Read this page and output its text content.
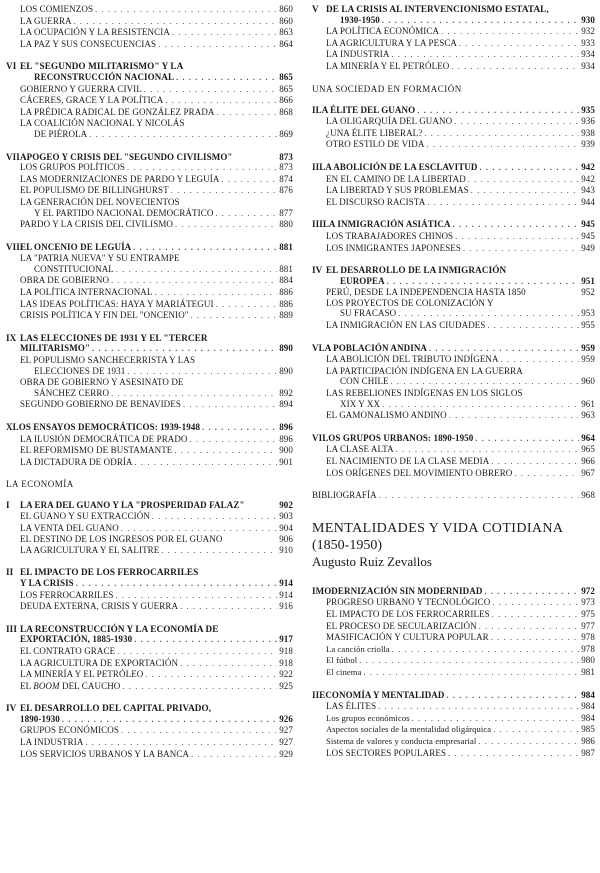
LOS COMIENZOS . . .	860
LA GUERRA . . .	860
LA OCUPACIÓN Y LA RESISTENCIA . . .	863
LA PAZ Y SUS CONSECUENCIAS . . .	864
VI EL "SEGUNDO MILITARISMO" Y LA
RECONSTRUCCIÓN NACIONAL . . .	865
GOBIERNO Y GUERRA CIVIL . . .	865
CÁCERES, GRACE Y LA POLÍTICA . . .	866
LA PRÉDICA RADICAL DE GONZÁLEZ PRADA . . .	868
LA COALICIÓN NACIONAL Y NICOLÁS
DE PIÉROLA . . .	869
VII APOGEO Y CRISIS DEL "SEGUNDO CIVILISMO"	873
LOS GRUPOS POLÍTICOS . . .	873
LAS MODERNIZACIONES DE PARDO Y LEGUÍA . . .	874
EL POPULISMO DE BILLINGHURST . . .	876
LA GENERACIÓN DEL NOVECIENTOS
Y EL PARTIDO NACIONAL DEMOCRÁTICO . . .	877
PARDO Y LA CRISIS DEL CIVILISMO . . .	880
VIII
EL ONCENIO DE LEGUÍA . . .	881
LA "PATRIA NUEVA" Y SU ENTRAMPE
CONSTITUCIONAL . . .	881
OBRA DE GOBIERNO . . .	884
LA POLÍTICA INTERNACIONAL . . .	886
LAS IDEAS POLÍTICAS: HAYA Y MARIÁTEGUI . . .	886
CRISIS POLÍTICA Y FIN DEL "ONCENIO" . . .	889
IX LAS ELECCIONES DE 1931 Y EL "TERCER
MILITARISMO" . . .	890
EL POPULISMO SANCHECERRISTA Y LAS
ELECCIONES DE 1931 . . .	890
OBRA DE GOBIERNO Y ASESINATO DE
SÁNCHEZ CERRO . . .	892
SEGUNDO GOBIERNO DE BENAVIDES . . .	894
X LOS ENSAYOS DEMOCRÁTICOS: 1939-1948 . . .	896
LA ILUSIÓN DEMOCRÁTICA DE PRADO . . .	896
EL REFORMISMO DE BUSTAMANTE . . .	900
LA DICTADURA DE ODRÍA . . .	901
LA ECONOMÍA
I	LA ERA DEL GUANO Y LA "PROSPERIDAD FALAZ"	902
EL GUANO Y SU EXTRACCIÓN . . .	903
LA VENTA DEL GUANO . . .	904
EL DESTINO DE LOS INGRESOS POR EL GUANO	906
LA AGRICULTURA Y EL SALITRE . . .	910
II EL IMPACTO DE LOS FERROCARRILES
Y LA CRISIS . . .	914
LOS FERROCARRILES . . .	914
DEUDA EXTERNA, CRISIS Y GUERRA . . .	916
III LA RECONSTRUCCIÓN Y LA ECONOMÍA DE
EXPORTACIÓN, 1885-1930 . . .	917
EL CONTRATO GRACE . . .	918
LA AGRICULTURA DE EXPORTACIÓN . . .	918
LA MINERÍA Y EL PETRÓLEO . . .	922
EL BOOM DEL CAUCHO . . .	925
IV EL DESARROLLO DEL CAPITAL PRIVADO,
1890-1930 . . .	926
GRUPOS ECONÓMICOS . . .	927
LA INDUSTRIA . . .	927
LOS SERVICIOS URBANOS Y LA BANCA . . .	929
V DE LA CRISIS AL INTERVENCIONISMO ESTATAL,
1930-1950 . . .	930
LA POLÍTICA ECONÓMICA . . .	932
LA AGRICULTURA Y LA PESCA . . .	933
LA INDUSTRIA . . .	934
LA MINERÍA Y EL PETRÓLEO . . .	934
UNA SOCIEDAD EN FORMACIÓN
I LA ÉLITE DEL GUANO . . .	935
LA OLIGARQUÍA DEL GUANO . . .	936
¿UNA ÉLITE LIBERAL? . . .	938
OTRO ESTILO DE VIDA . . .	939
II LA ABOLICIÓN DE LA ESCLAVITUD . . .	942
EN EL CAMINO DE LA LIBERTAD . . .	942
LA LIBERTAD Y SUS PROBLEMAS . . .	943
EL DISCURSO RACISTA . . .	944
III LA INMIGRACIÓN ASIÁTICA . . .	945
LOS TRABAJADORES CHINOS . . .	945
LOS INMIGRANTES JAPONESES . . .	949
IV EL DESARROLLO DE LA INMIGRACIÓN
EUROPEA . . .	951
PERÚ, DESDE LA INDEPENDENCIA HASTA 1850	952
LOS PROYECTOS DE COLONIZACIÓN Y
SU FRACASO . . .	953
LA INMIGRACIÓN EN LAS CIUDADES . . .	955
V LA POBLACIÓN ANDINA . . .	959
LA ABOLICIÓN DEL TRIBUTO INDÍGENA . . .	959
LA PARTICIPACIÓN INDÍGENA EN LA GUERRA
CON CHILE . . .	960
LAS REBELIONES INDÍGENAS EN LOS SIGLOS
XIX Y XX . . .	961
EL GAMONALISMO ANDINO . . .	963
VI LOS GRUPOS URBANOS: 1890-1950 . . .	964
LA CLASE ALTA . . .	965
EL NACIMIENTO DE LA CLASE MEDIA . . .	966
LOS ORÍGENES DEL MOVIMIENTO OBRERO . . .	967
BIBLIOGRAFÍA . . .	968
MENTALIDADES Y VIDA COTIDIANA
(1850-1950)
Augusto Ruiz Zevallos
I MODERNIZACIÓN SIN MODERNIDAD . . .	972
PROGRESO URBANO Y TECNOLÓGICO . . .	973
EL IMPACTO DE LOS FERROCARRILES . . .	975
EL PROCESO DE SECULARIZACIÓN . . .	977
MASIFICACIÓN Y CULTURA POPULAR . . .	978
La canción criolla . . .	978
El fútbol . . .	980
El cinema . . .	981
II ECONOMÍA Y MENTALIDAD . . .	984
LAS ÉLITES . . .	984
Los grupos económicos . . .	984
Aspectos sociales de la mentalidad oligárquica . . .	985
Sistema de valores y conducta empresarial . . .	986
LOS SECTORES POPULARES . . .	987
